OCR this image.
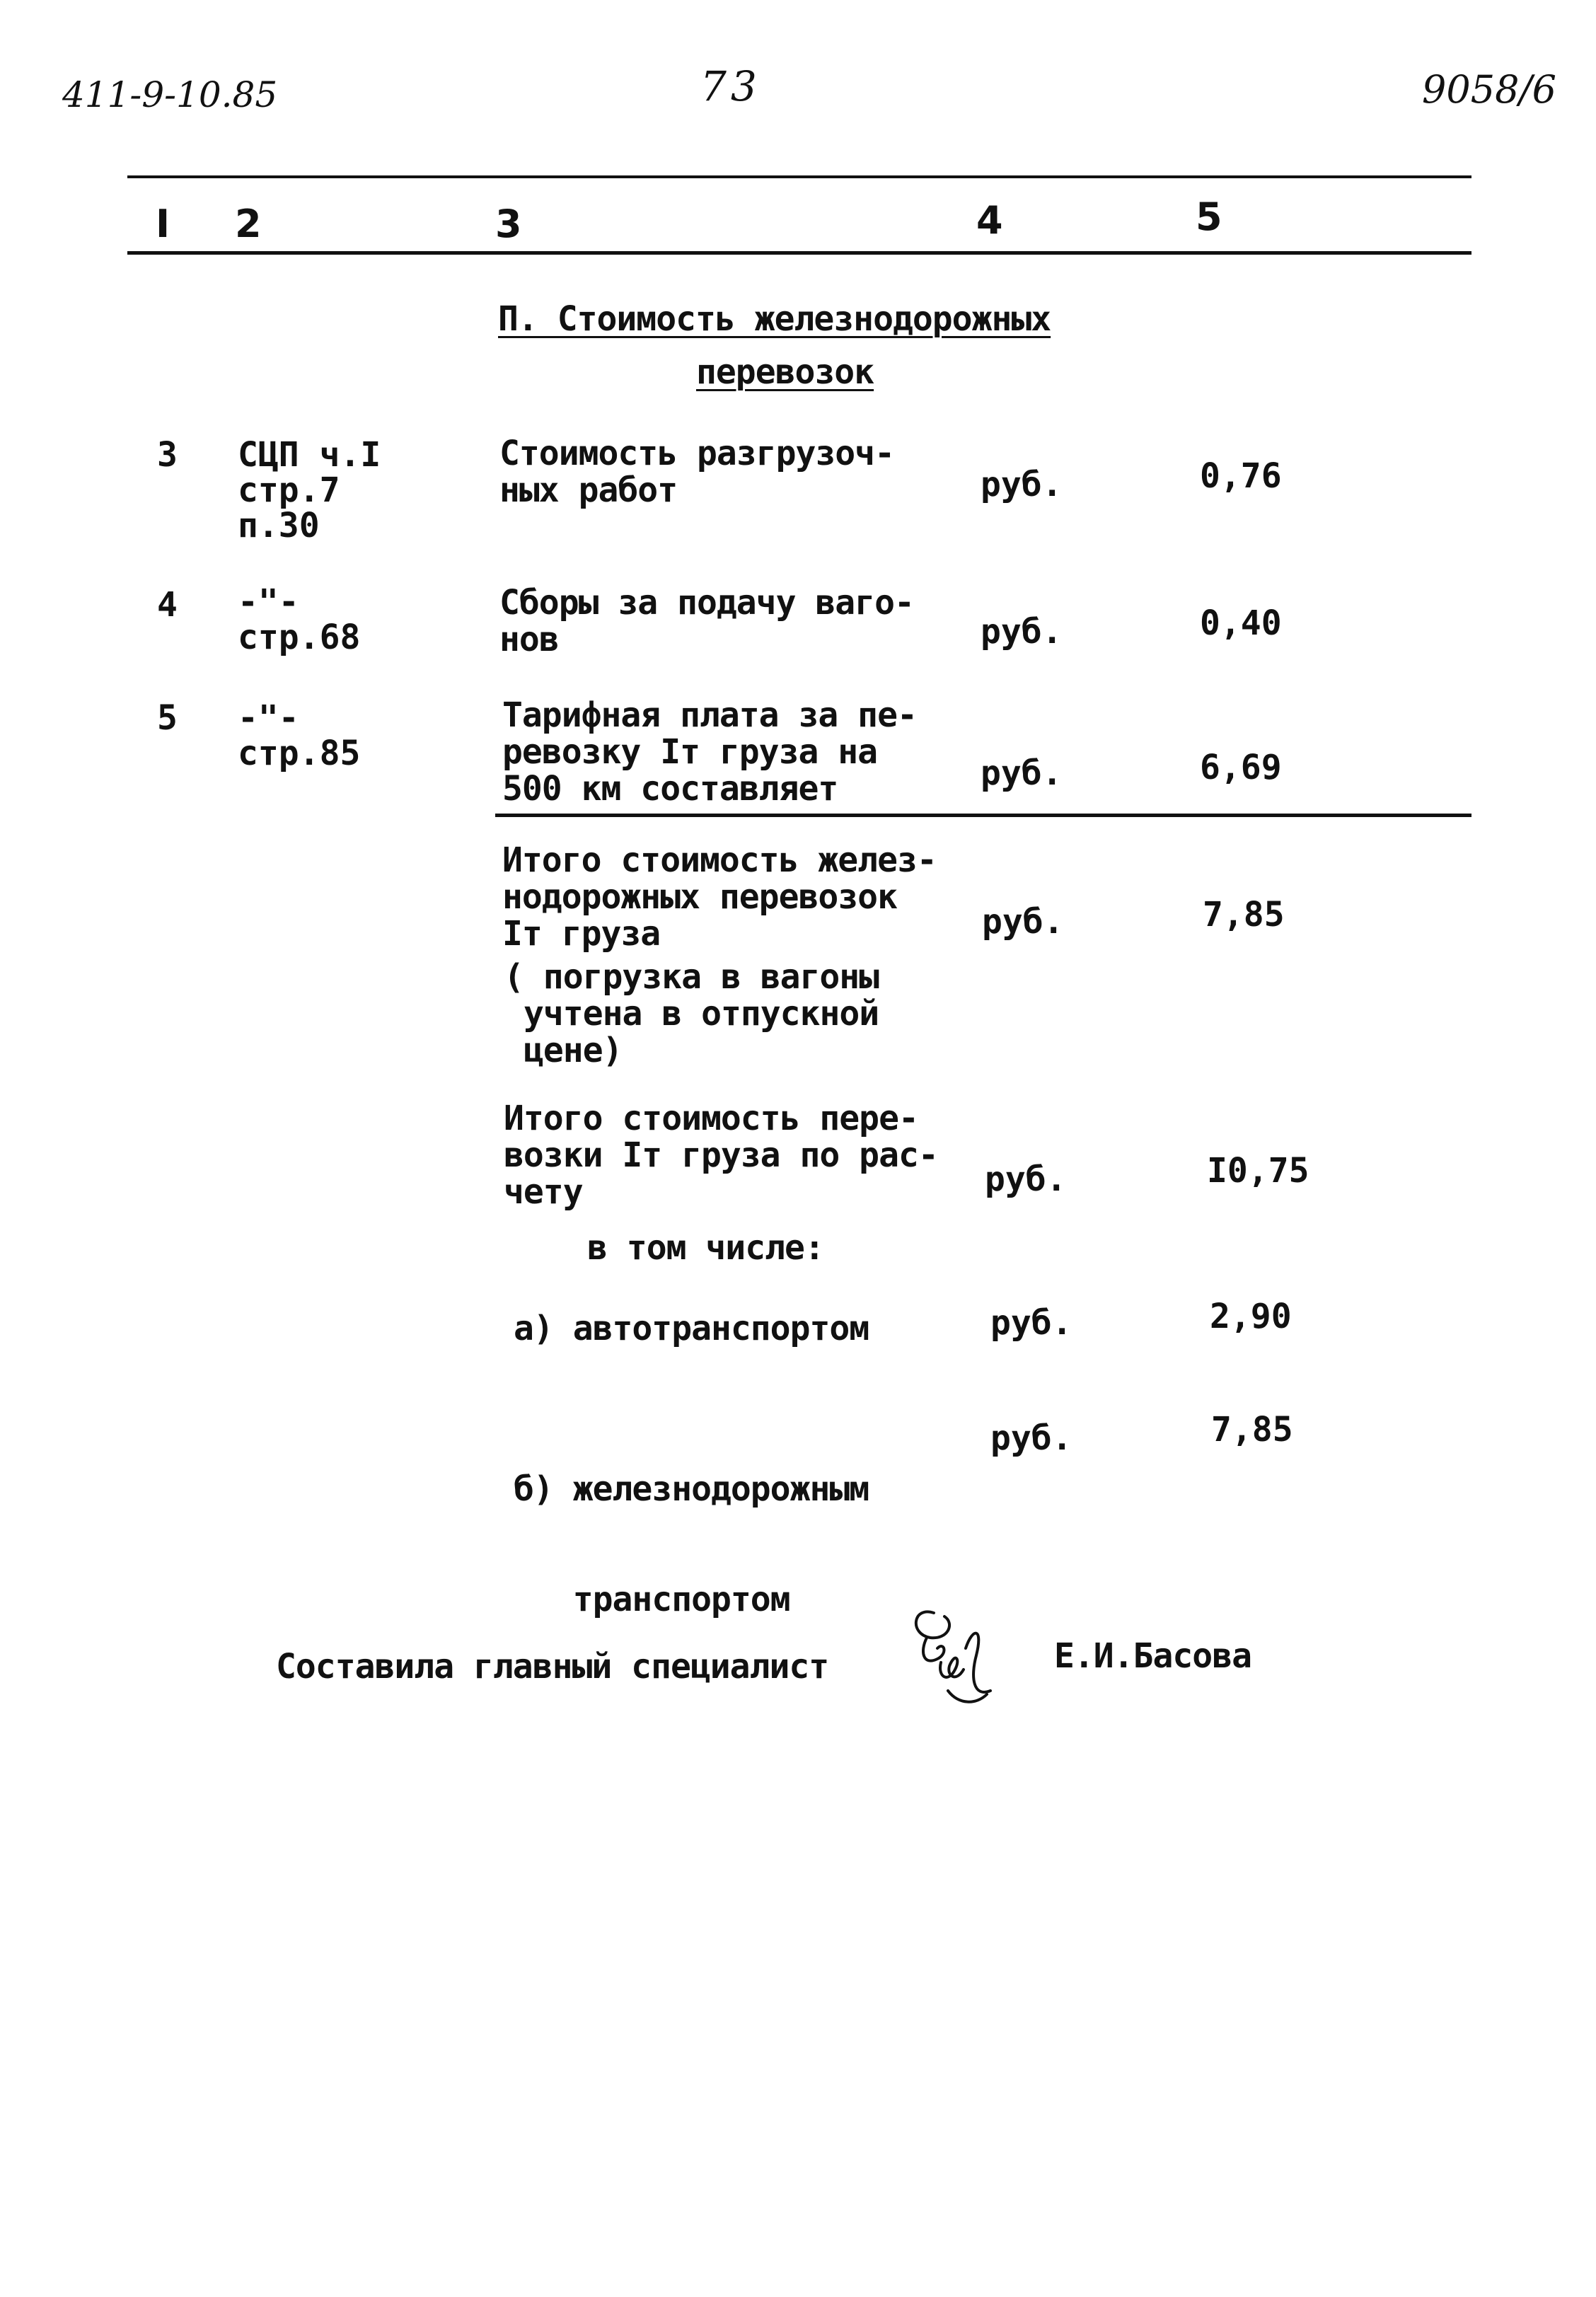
411-9-10.85	73	9058/6
I 2	3	4	5
П. Стоимость железнодорожных
перевозок
3 СЦП ч.I
стр.7
п.30
Стоимость разгрузоч-
ных работ	руб.	0,76
4 -"-
стр.68
Сборы за подачу ваго-
нов	руб.	0,40
5 -"-
стр.85
Тарифная плата за пе-
ревозку Iт груза на
500 км составляет	руб.	6,69
Итого стоимость желез-
нодорожных перевозок
Iт груза
( погрузка в вагоны
учтена в отпускной
цене)
руб.	7,85
Итого стоимость пере-
возки Iт груза по рас-
чету	руб.	I0,75
в том числе:
а) автотранспортом	руб.	2,90

б) железнодорожным

транспортом

руб.	7,85
Составила главный специалист	Е.И.Басова
